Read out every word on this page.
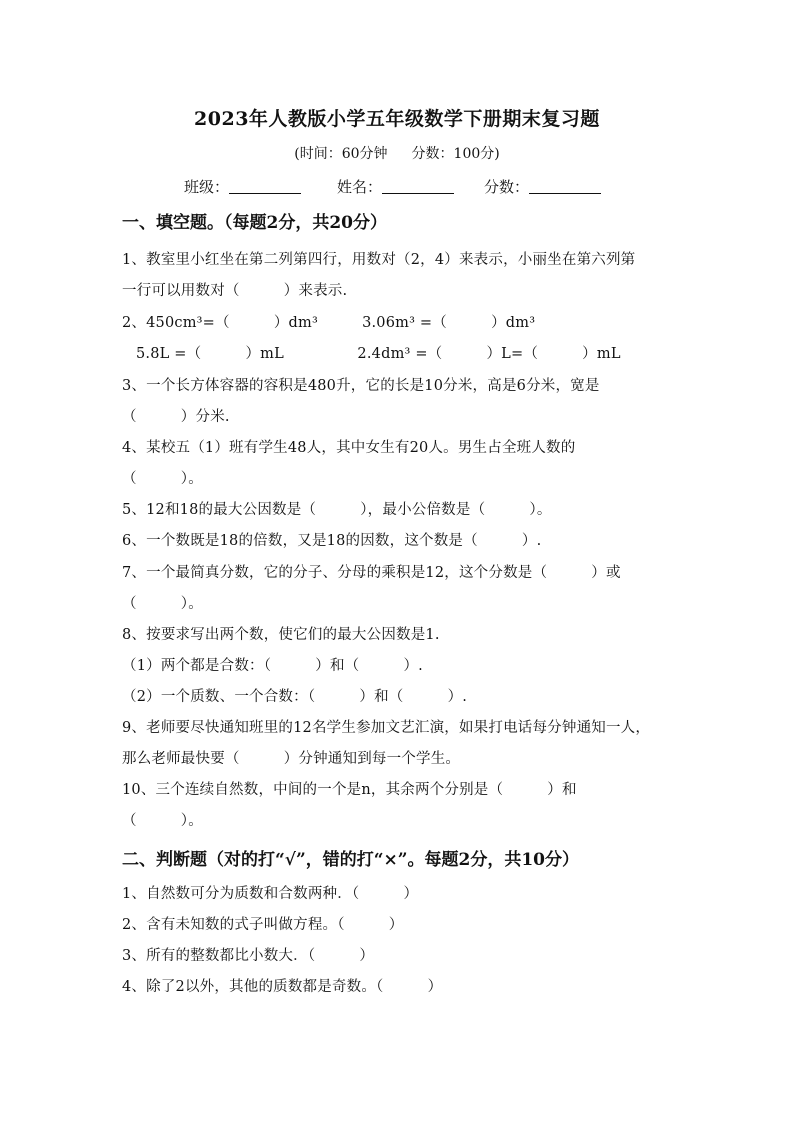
2023年人教版小学五年级数学下册期末复习题
(时间：60分钟 分数：100分)
班级：	姓名：	分数：
一、填空题。（每题2分，共20分）
1、教室里小红坐在第二列第四行，用数对（2，4）来表示，小丽坐在第六列第
一行可以用数对（　　　）来表示.
2、450cm³=（　　　）dm³　　　3.06m³ =（　　　）dm³
5.8L =（　　　）mL　　　　　2.4dm³ =（　　　）L=（　　　）mL
3、一个长方体容器的容积是480升，它的长是10分米，高是6分米，宽是
（　　　）分米.
4、某校五（1）班有学生48人，其中女生有20人。男生占全班人数的
（　　　）。
5、12和18的最大公因数是（　　　），最小公倍数是（　　　）。
6、一个数既是18的倍数，又是18的因数，这个数是（　　　）.
7、一个最简真分数，它的分子、分母的乘积是12，这个分数是（　　　）或
（　　　）。
8、按要求写出两个数，使它们的最大公因数是1.
（1）两个都是合数：（　　　）和（　　　）.
（2）一个质数、一个合数：（　　　）和（　　　）.
9、老师要尽快通知班里的12名学生参加文艺汇演，如果打电话每分钟通知一人，
那么老师最快要（　　　）分钟通知到每一个学生。
10、三个连续自然数，中间的一个是n，其余两个分别是（　　　）和
（　　　）。
二、判断题（对的打“√”，错的打“×”。每题2分，共10分）
1、自然数可分为质数和合数两种．（　　　）
2、含有未知数的式子叫做方程。（　　　）
3、所有的整数都比小数大．（　　　）
4、除了2以外，其他的质数都是奇数。（　　　）
